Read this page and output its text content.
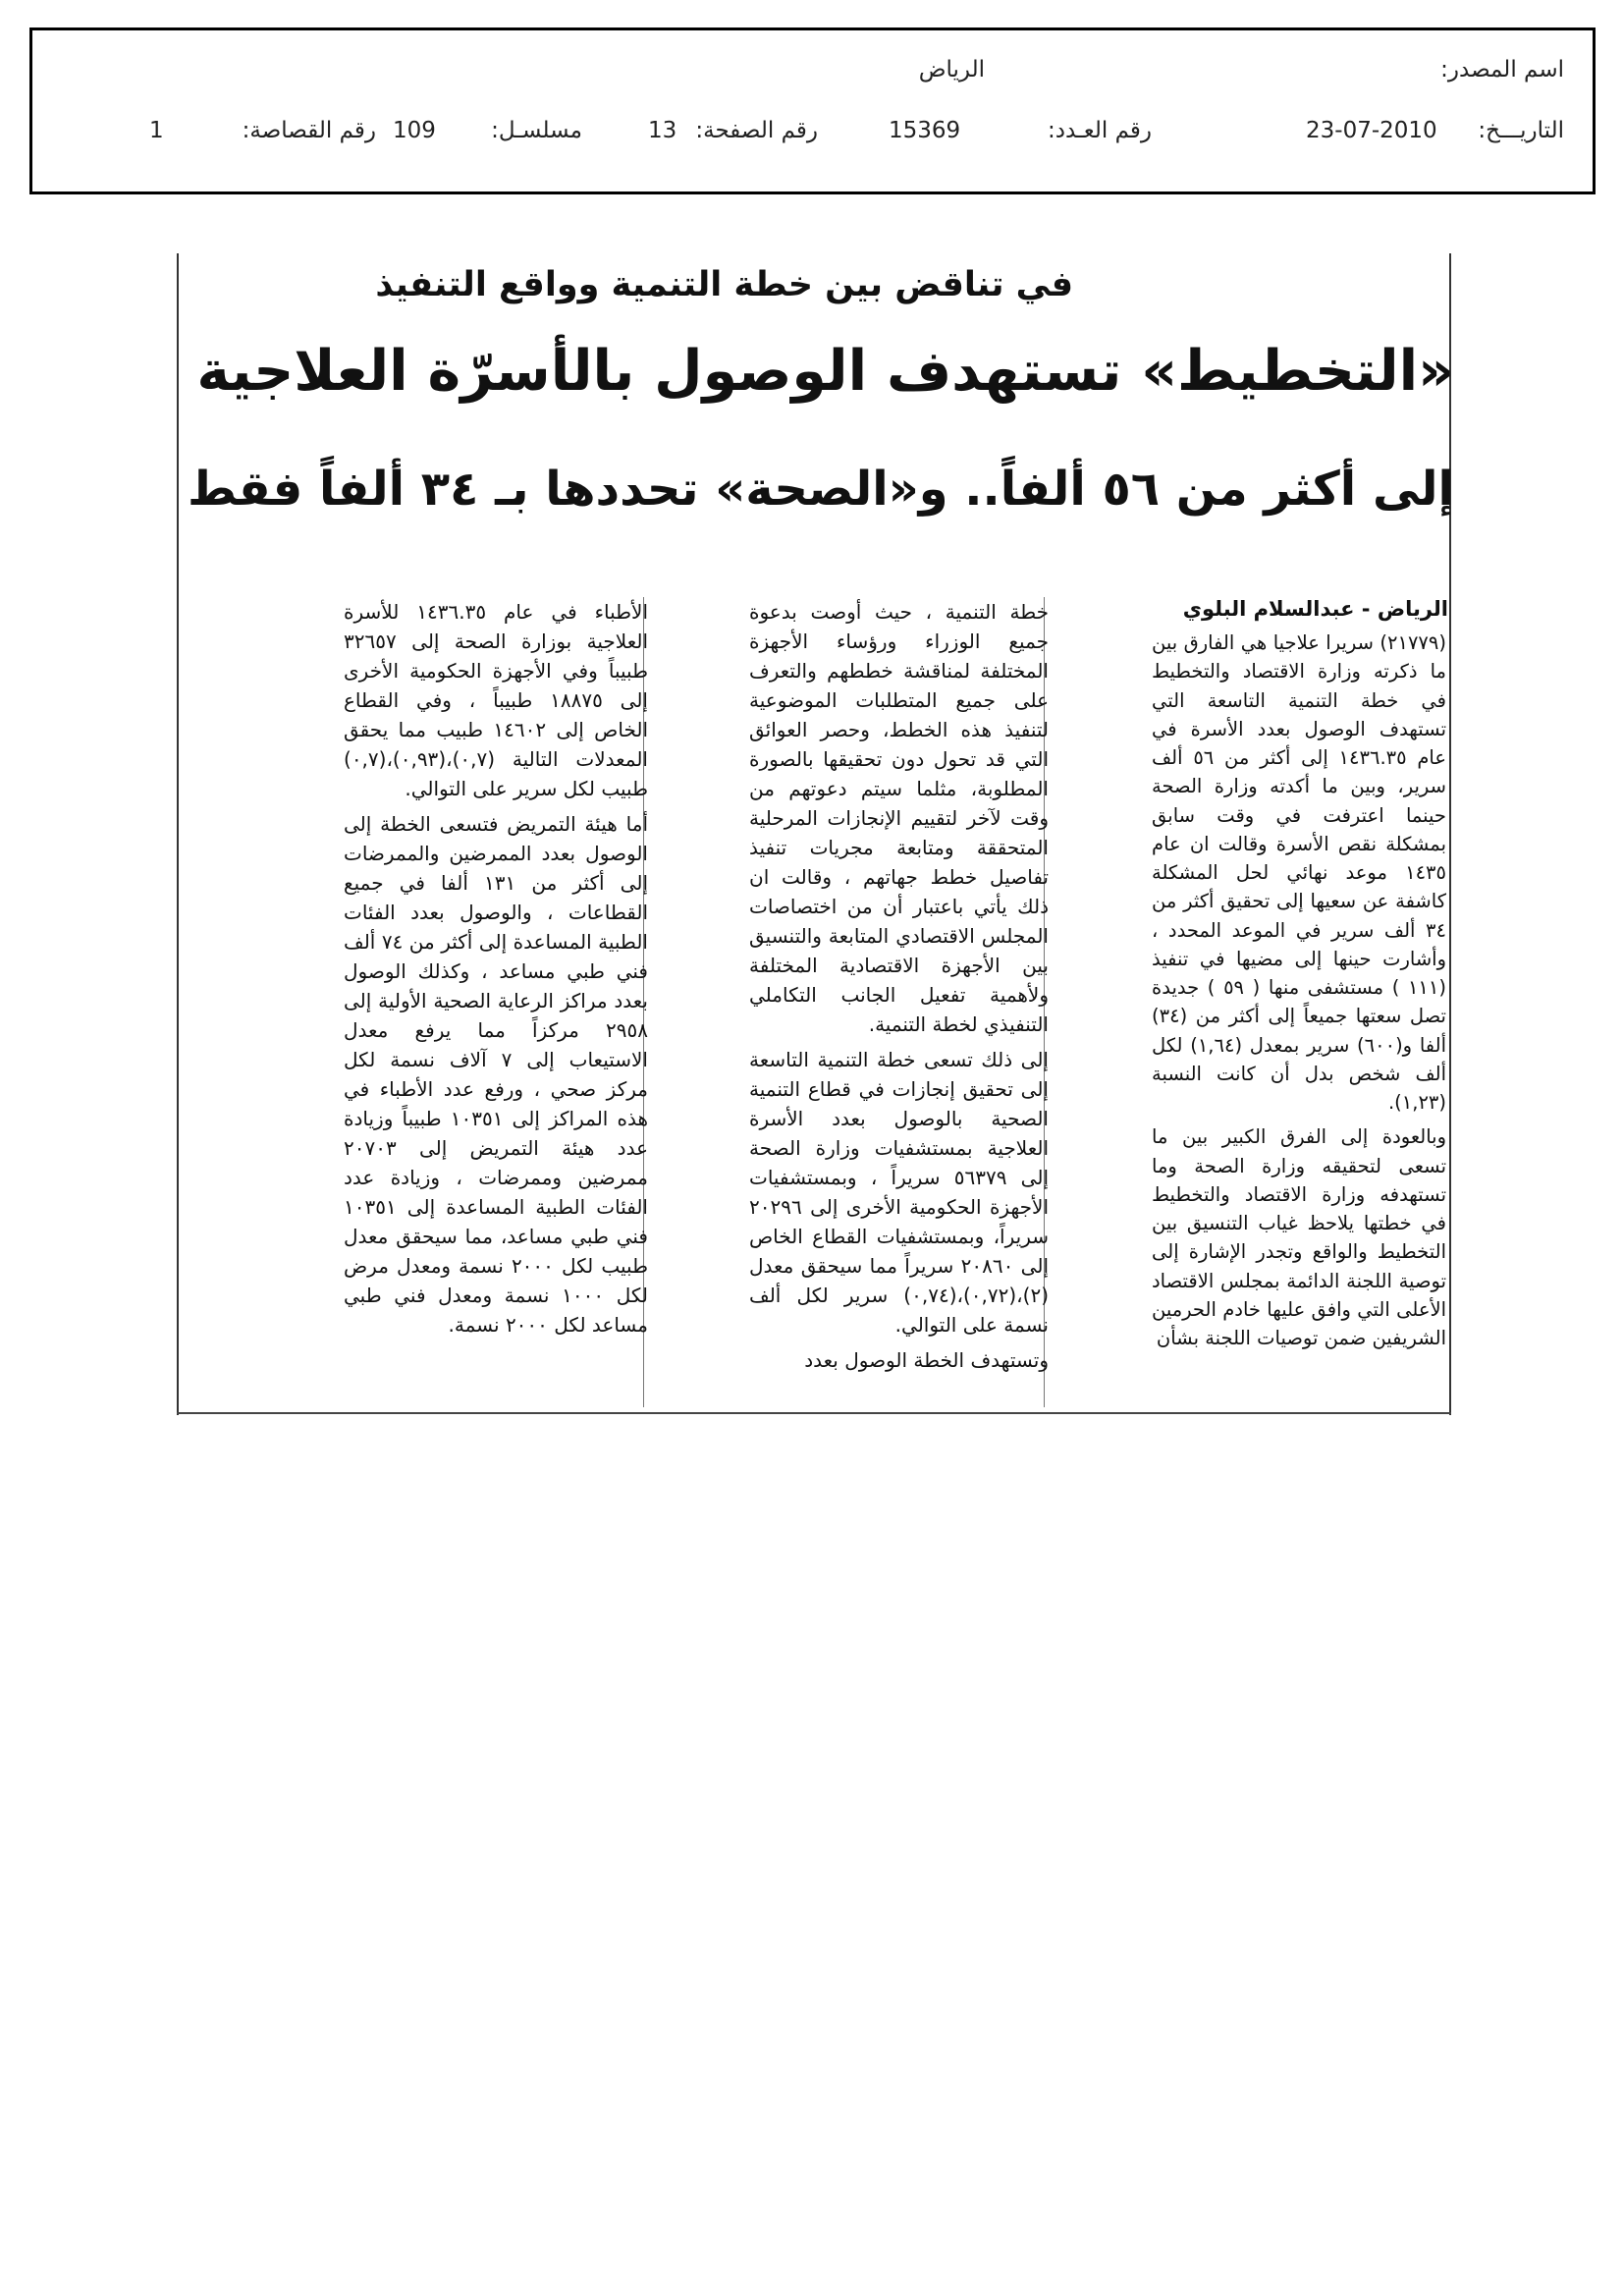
اسم المصدر:
الرياض
التاريـــخ:
23-07-2010
رقم العـدد:
15369
رقم الصفحة:
13
مسلسـل:
109
رقم القصاصة:
1
في تناقض بين خطة التنمية وواقع التنفيذ
«التخطيط» تستهدف الوصول بالأسرّة العلاجية
إلى أكثر من ٥٦ ألفاً.. و«الصحة» تحددها بـ ٣٤ ألفاً فقط
الرياض - عبدالسلام البلوي

(٢١٧٧٩) سريرا علاجيا هي الفارق بين ما ذكرته وزارة الاقتصاد والتخطيط في خطة التنمية التاسعة التي تستهدف الوصول بعدد الأسرة في عام ١٤٣٦.٣٥ إلى أكثر من ٥٦ ألف سرير، وبين ما أكدته وزارة الصحة حينما اعترفت في وقت سابق بمشكلة نقص الأسرة وقالت ان عام ١٤٣٥ موعد نهائي لحل المشكلة كاشفة عن سعيها إلى تحقيق أكثر من ٣٤ ألف سرير في الموعد المحدد ، وأشارت حينها إلى مضيها في تنفيذ (١١١ ) مستشفى منها ( ٥٩ ) جديدة تصل سعتها جميعاً إلى أكثر من (٣٤) ألفا و(٦٠٠) سرير بمعدل (١,٦٤) لكل ألف شخص بدل أن كانت النسبة (١,٢٣).

وبالعودة إلى الفرق الكبير بين ما تسعى لتحقيقه وزارة الصحة وما تستهدفه وزارة الاقتصاد والتخطيط في خطتها يلاحظ غياب التنسيق بين التخطيط والواقع وتجدر الإشارة إلى توصية اللجنة الدائمة بمجلس الاقتصاد الأعلى التي وافق عليها خادم الحرمين الشريفين ضمن توصيات اللجنة بشأن

خطة التنمية ، حيث أوصت بدعوة جميع الوزراء ورؤساء الأجهزة المختلفة لمناقشة خططهم والتعرف على جميع المتطلبات الموضوعية لتنفيذ هذه الخطط، وحصر العوائق التي قد تحول دون تحقيقها بالصورة المطلوبة، مثلما سيتم دعوتهم من وقت لآخر لتقييم الإنجازات المرحلية المتحققة ومتابعة مجريات تنفيذ تفاصيل خطط جهاتهم ، وقالت ان ذلك يأتي باعتبار أن من اختصاصات المجلس الاقتصادي المتابعة والتنسيق بين الأجهزة الاقتصادية المختلفة ولأهمية تفعيل الجانب التكاملي التنفيذي لخطة التنمية.

إلى ذلك تسعى خطة التنمية التاسعة إلى تحقيق إنجازات في قطاع التنمية الصحية بالوصول بعدد الأسرة العلاجية بمستشفيات وزارة الصحة إلى ٥٦٣٧٩ سريراً ، وبمستشفيات الأجهزة الحكومية الأخرى إلى ٢٠٢٩٦ سريراً، وبمستشفيات القطاع الخاص إلى ٢٠٨٦٠ سريراً مما سيحقق معدل (٢)،(٠,٧٢)،(٠,٧٤) سرير لكل ألف نسمة على التوالي.

وتستهدف الخطة الوصول بعدد

الأطباء في عام ١٤٣٦.٣٥ للأسرة العلاجية بوزارة الصحة إلى ٣٢٦٥٧ طبيباً وفي الأجهزة الحكومية الأخرى إلى ١٨٨٧٥ طبيباً ، وفي القطاع الخاص إلى ١٤٦٠٢ طبيب مما يحقق المعدلات التالية (٠,٧)،(٠,٩٣)،(٠,٧) طبيب لكل سرير على التوالي.

أما هيئة التمريض فتسعى الخطة إلى الوصول بعدد الممرضين والممرضات إلى أكثر من ١٣١ ألفا في جميع القطاعات ، والوصول بعدد الفئات الطبية المساعدة إلى أكثر من ٧٤ ألف فني طبي مساعد ، وكذلك الوصول بعدد مراكز الرعاية الصحية الأولية إلى ٢٩٥٨ مركزاً مما يرفع معدل الاستيعاب إلى ٧ آلاف نسمة لكل مركز صحي ، ورفع عدد الأطباء في هذه المراكز إلى ١٠٣٥١ طبيباً وزيادة عدد هيئة التمريض إلى ٢٠٧٠٣ ممرضين وممرضات ، وزيادة عدد الفئات الطبية المساعدة إلى ١٠٣٥١ فني طبي مساعد، مما سيحقق معدل طبيب لكل ٢٠٠٠ نسمة ومعدل مرض لكل ١٠٠٠ نسمة ومعدل فني طبي مساعد لكل ٢٠٠٠ نسمة.
